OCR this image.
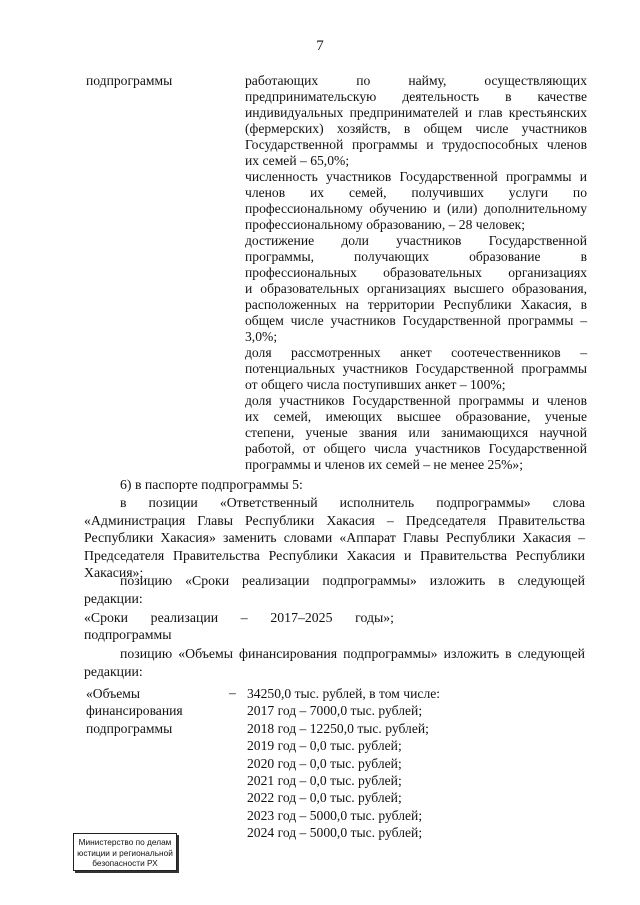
7
подпрограммы	работающих по найму, осуществляющих
предпринимательскую деятельность в качестве
индивидуальных предпринимателей и глав крестьянских
(фермерских) хозяйств, в общем числе участников
Государственной программы и трудоспособных членов
их семей – 65,0%;
численность участников Государственной программы и
членов их семей, получивших услуги по
профессиональному обучению и (или) дополнительному
профессиональному образованию, – 28 человек;
достижение доли участников Государственной
программы, получающих образование в
профессиональных образовательных организациях
и образовательных организациях высшего образования,
расположенных на территории Республики Хакасия, в
общем числе участников Государственной программы –
3,0%;
доля рассмотренных анкет соотечественников –
потенциальных участников Государственной программы
от общего числа поступивших анкет – 100%;
доля участников Государственной программы и членов
их семей, имеющих высшее образование, ученые
степени, ученые звания или занимающихся научной
работой, от общего числа участников Государственной
программы и членов их семей – не менее 25%»;
6) в паспорте подпрограммы 5:
в позиции «Ответственный исполнитель подпрограммы» слова «Администрация Главы Республики Хакасия – Председателя Правительства Республики Хакасия» заменить словами «Аппарат Главы Республики Хакасия – Председателя Правительства Республики Хакасия и Правительства Республики Хакасия»;
позицию «Сроки реализации подпрограммы» изложить в следующей редакции:
«Сроки реализации – 2017–2025 годы»;
подпрограммы
позицию «Объемы финансирования подпрограммы» изложить в следующей редакции:
«Объемы
финансирования
подпрограммы
– 34250,0 тыс. рублей, в том числе:
2017 год – 7000,0 тыс. рублей;
2018 год – 12250,0 тыс. рублей;
2019 год – 0,0 тыс. рублей;
2020 год – 0,0 тыс. рублей;
2021 год – 0,0 тыс. рублей;
2022 год – 0,0 тыс. рублей;
2023 год – 5000,0 тыс. рублей;
2024 год – 5000,0 тыс. рублей;
Министерство по делам
юстиции и региональной
безопасности РХ
